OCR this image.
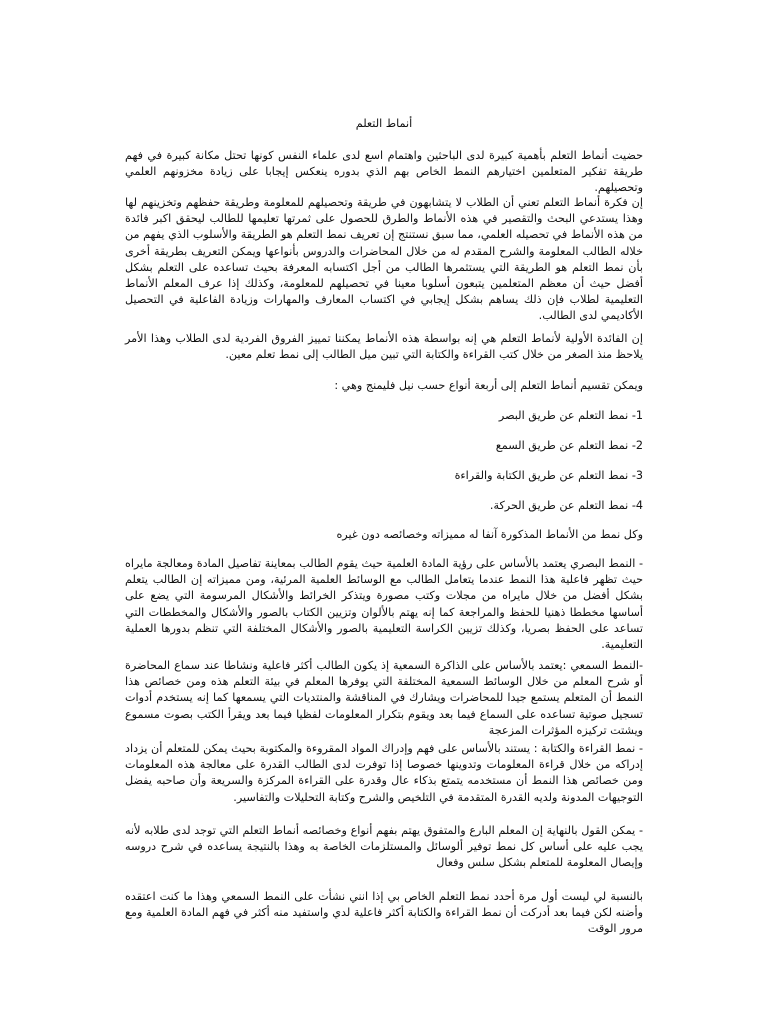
أنماط التعلم

حضيت أنماط التعلم بأهمية كبيرة لدى الباحثين واهتمام اسع لدى علماء النفس كونها تحتل مكانة كبيرة في فهم طريقة تفكير المتعلمين اختيارهم النمط الخاص بهم الذي بدوره ينعكس إيجابا على زيادة مخزونهم العلمي وتحصيلهم.

إن فكرة أنماط التعلم تعني أن الطلاب لا يتشابهون في طريقة وتحصيلهم للمعلومة وطريقة حفظهم وتخزينهم لها وهذا يستدعي البحث والتقصير في هذه الأنماط والطرق للحصول على ثمرتها تعليمها للطالب ليحقق اكبر فائدة من هذه الأنماط في تحصيله العلمي، مما سبق نستنتج إن تعريف نمط التعلم هو الطريقة والأسلوب الذي يفهم من خلاله الطالب المعلومة والشرح المقدم له من خلال المحاضرات والدروس بأنواعها ويمكن التعريف بطريقة أخرى بأن نمط التعلم هو الطريقة التي يستثمرها الطالب من أجل اكتسابه المعرفة بحيث تساعده على التعلم بشكل أفضل حيث أن معظم المتعلمين يتبعون أسلوبا معينا في تحصيلهم للمعلومة، وكذلك إذا عرف المعلم الأنماط التعليمية لطلاب فإن ذلك يساهم بشكل إيجابي في اكتساب المعارف والمهارات وزيادة الفاعلية في التحصيل الأكاديمي لدى الطالب.

إن الفائدة الأولية لأنماط التعلم هي إنه بواسطة هذه الأنماط يمكننا تمييز الفروق الفردية لدى الطلاب وهذا الأمر يلاحظ منذ الصغر من خلال كتب القراءة والكتابة التي تبين ميل الطالب إلى نمط تعلم معين.

ويمكن تقسيم أنماط التعلم إلى أربعة أنواع حسب نيل فليمنج وهي :

1- نمط التعلم عن طريق البصر

2- نمط التعلم عن طريق السمع

3- نمط التعلم عن طريق الكتابة والقراءة

4- نمط التعلم عن طريق الحركة.

وكل نمط من الأنماط المذكورة آنفا له مميزاته وخصائصه دون غيره

- النمط البصري يعتمد بالأساس على رؤية المادة العلمية حيث يقوم الطالب بمعاينة تفاصيل المادة ومعالجة مايراه حيث تظهر فاعلية هذا النمط عندما يتعامل الطالب مع الوسائط العلمية المرئية، ومن مميزاته إن الطالب يتعلم بشكل أفضل من خلال مايراه من مجلات وكتب مصورة ويتذكر الخرائط والأشكال المرسومة التي يضع على أساسها مخططا ذهنيا للحفظ والمراجعة كما إنه يهتم بالألوان وتزيين الكتاب بالصور والأشكال والمخططات التي تساعد على الحفظ بصريا، وكذلك تزيين الكراسة التعليمية بالصور والأشكال المختلفة التي تنظم بدورها العملية التعليمية.

-النمط السمعي :يعتمد بالأساس على الذاكرة السمعية إذ يكون الطالب أكثر فاعلية ونشاطا عند سماع المحاضرة أو شرح المعلم من خلال الوسائط السمعية المختلفة التي يوفرها المعلم في بيئة التعلم هذه ومن خصائص هذا النمط أن المتعلم يستمع جيدا للمحاضرات ويشارك في المناقشة والمنتديات التي يسمعها كما إنه يستخدم أدوات تسجيل صوتية تساعده على السماع فيما بعد ويقوم بتكرار المعلومات لفظيا فيما بعد ويقرأ الكتب بصوت مسموع ويشتت تركيزه المؤثرات المزعجة

- نمط القراءة والكتابة : يستند بالأساس على فهم وإدراك المواد المقروءة والمكتوبة بحيث يمكن للمتعلم أن يزداد إدراكه من خلال قراءة المعلومات وتدوينها خصوصا إذا توفرت لدى الطالب القدرة على معالجة هذه المعلومات ومن خصائص هذا النمط أن مستخدمه يتمتع بذكاء عال وقدرة على القراءة المركزة والسريعة وأن صاحبه يفضل التوجيهات المدونة ولديه القدرة المتقدمة في التلخيص والشرح وكتابة التحليلات والتفاسير.

- يمكن القول بالنهاية إن المعلم البارع والمتفوق يهتم بفهم أنواع وخصائصه أنماط التعلم التي توجد لدى طلابه لأنه يجب عليه على أساس كل نمط توفير ألوسائل والمستلزمات الخاصة به وهذا بالنتيجة يساعده في شرح دروسه وإيصال المعلومة للمتعلم بشكل سلس وفعال

بالنسبة لي ليست أول مرة أحدد نمط التعلم الخاص بي إذا انني نشأت على النمط السمعي وهذا ما كنت اعتقده وأضنه لكن فيما بعد أدركت أن نمط القراءة والكتابة أكثر فاعلية لدي واستفيد منه أكثر في فهم المادة العلمية ومع مرور الوقت
